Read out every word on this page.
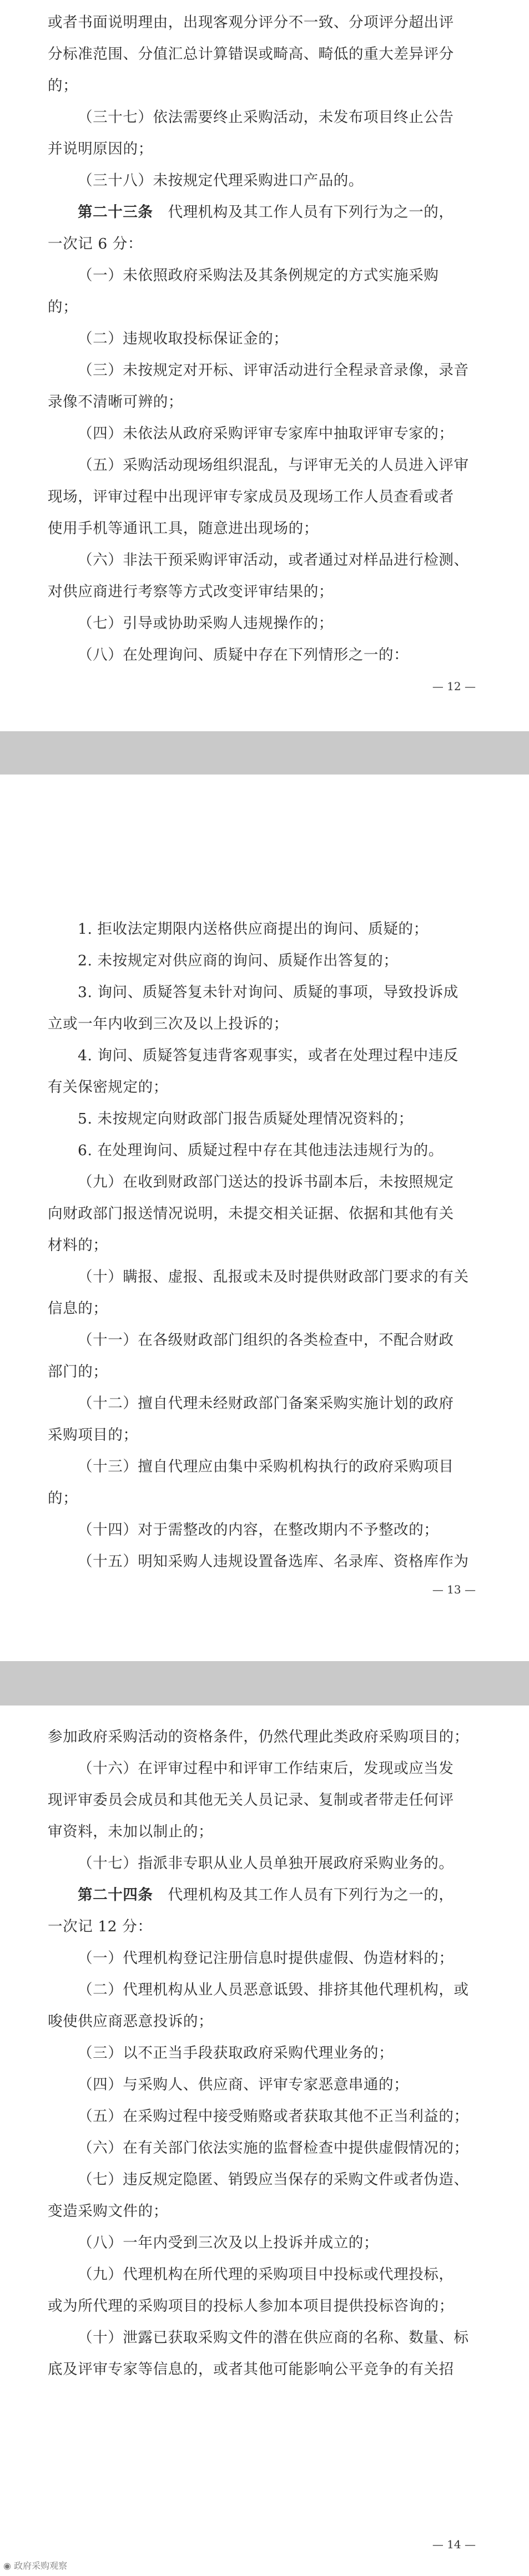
或者书面说明理由，出现客观分评分不一致、分项评分超出评
分标准范围、分值汇总计算错误或畸高、畸低的重大差异评分
的；
（三十七）依法需要终止采购活动，未发布项目终止公告
并说明原因的；
（三十八）未按规定代理采购进口产品的。
第二十三条　代理机构及其工作人员有下列行为之一的，
一次记 6 分：
（一）未依照政府采购法及其条例规定的方式实施采购
的；
（二）违规收取投标保证金的；
（三）未按规定对开标、评审活动进行全程录音录像，录音
录像不清晰可辨的；
（四）未依法从政府采购评审专家库中抽取评审专家的；
（五）采购活动现场组织混乱，与评审无关的人员进入评审
现场，评审过程中出现评审专家成员及现场工作人员查看或者
使用手机等通讯工具，随意进出现场的；
（六）非法干预采购评审活动，或者通过对样品进行检测、
对供应商进行考察等方式改变评审结果的；
（七）引导或协助采购人违规操作的；
（八）在处理询问、质疑中存在下列情形之一的：
— 12 —
1. 拒收法定期限内送格供应商提出的询问、质疑的；
2. 未按规定对供应商的询问、质疑作出答复的；
3. 询问、质疑答复未针对询问、质疑的事项，导致投诉成
立或一年内收到三次及以上投诉的；
4. 询问、质疑答复违背客观事实，或者在处理过程中违反
有关保密规定的；
5. 未按规定向财政部门报告质疑处理情况资料的；
6. 在处理询问、质疑过程中存在其他违法违规行为的。
（九）在收到财政部门送达的投诉书副本后，未按照规定
向财政部门报送情况说明，未提交相关证据、依据和其他有关
材料的；
（十）瞒报、虚报、乱报或未及时提供财政部门要求的有关
信息的；
（十一）在各级财政部门组织的各类检查中，不配合财政
部门的；
（十二）擅自代理未经财政部门备案采购实施计划的政府
采购项目的；
（十三）擅自代理应由集中采购机构执行的政府采购项目
的；
（十四）对于需整改的内容，在整改期内不予整改的；
（十五）明知采购人违规设置备选库、名录库、资格库作为
— 13 —
参加政府采购活动的资格条件，仍然代理此类政府采购项目的；
（十六）在评审过程中和评审工作结束后，发现或应当发
现评审委员会成员和其他无关人员记录、复制或者带走任何评
审资料，未加以制止的；
（十七）指派非专职从业人员单独开展政府采购业务的。
第二十四条　代理机构及其工作人员有下列行为之一的，
一次记 12 分：
（一）代理机构登记注册信息时提供虚假、伪造材料的；
（二）代理机构从业人员恶意诋毁、排挤其他代理机构，或
唆使供应商恶意投诉的；
（三）以不正当手段获取政府采购代理业务的；
（四）与采购人、供应商、评审专家恶意串通的；
（五）在采购过程中接受贿赂或者获取其他不正当利益的；
（六）在有关部门依法实施的监督检查中提供虚假情况的；
（七）违反规定隐匿、销毁应当保存的采购文件或者伪造、
变造采购文件的；
（八）一年内受到三次及以上投诉并成立的；
（九）代理机构在所代理的采购项目中投标或代理投标，
或为所代理的采购项目的投标人参加本项目提供投标咨询的；
（十）泄露已获取采购文件的潜在供应商的名称、数量、标
底及评审专家等信息的，或者其他可能影响公平竞争的有关招
— 14 —
◉ 政府采购观察
